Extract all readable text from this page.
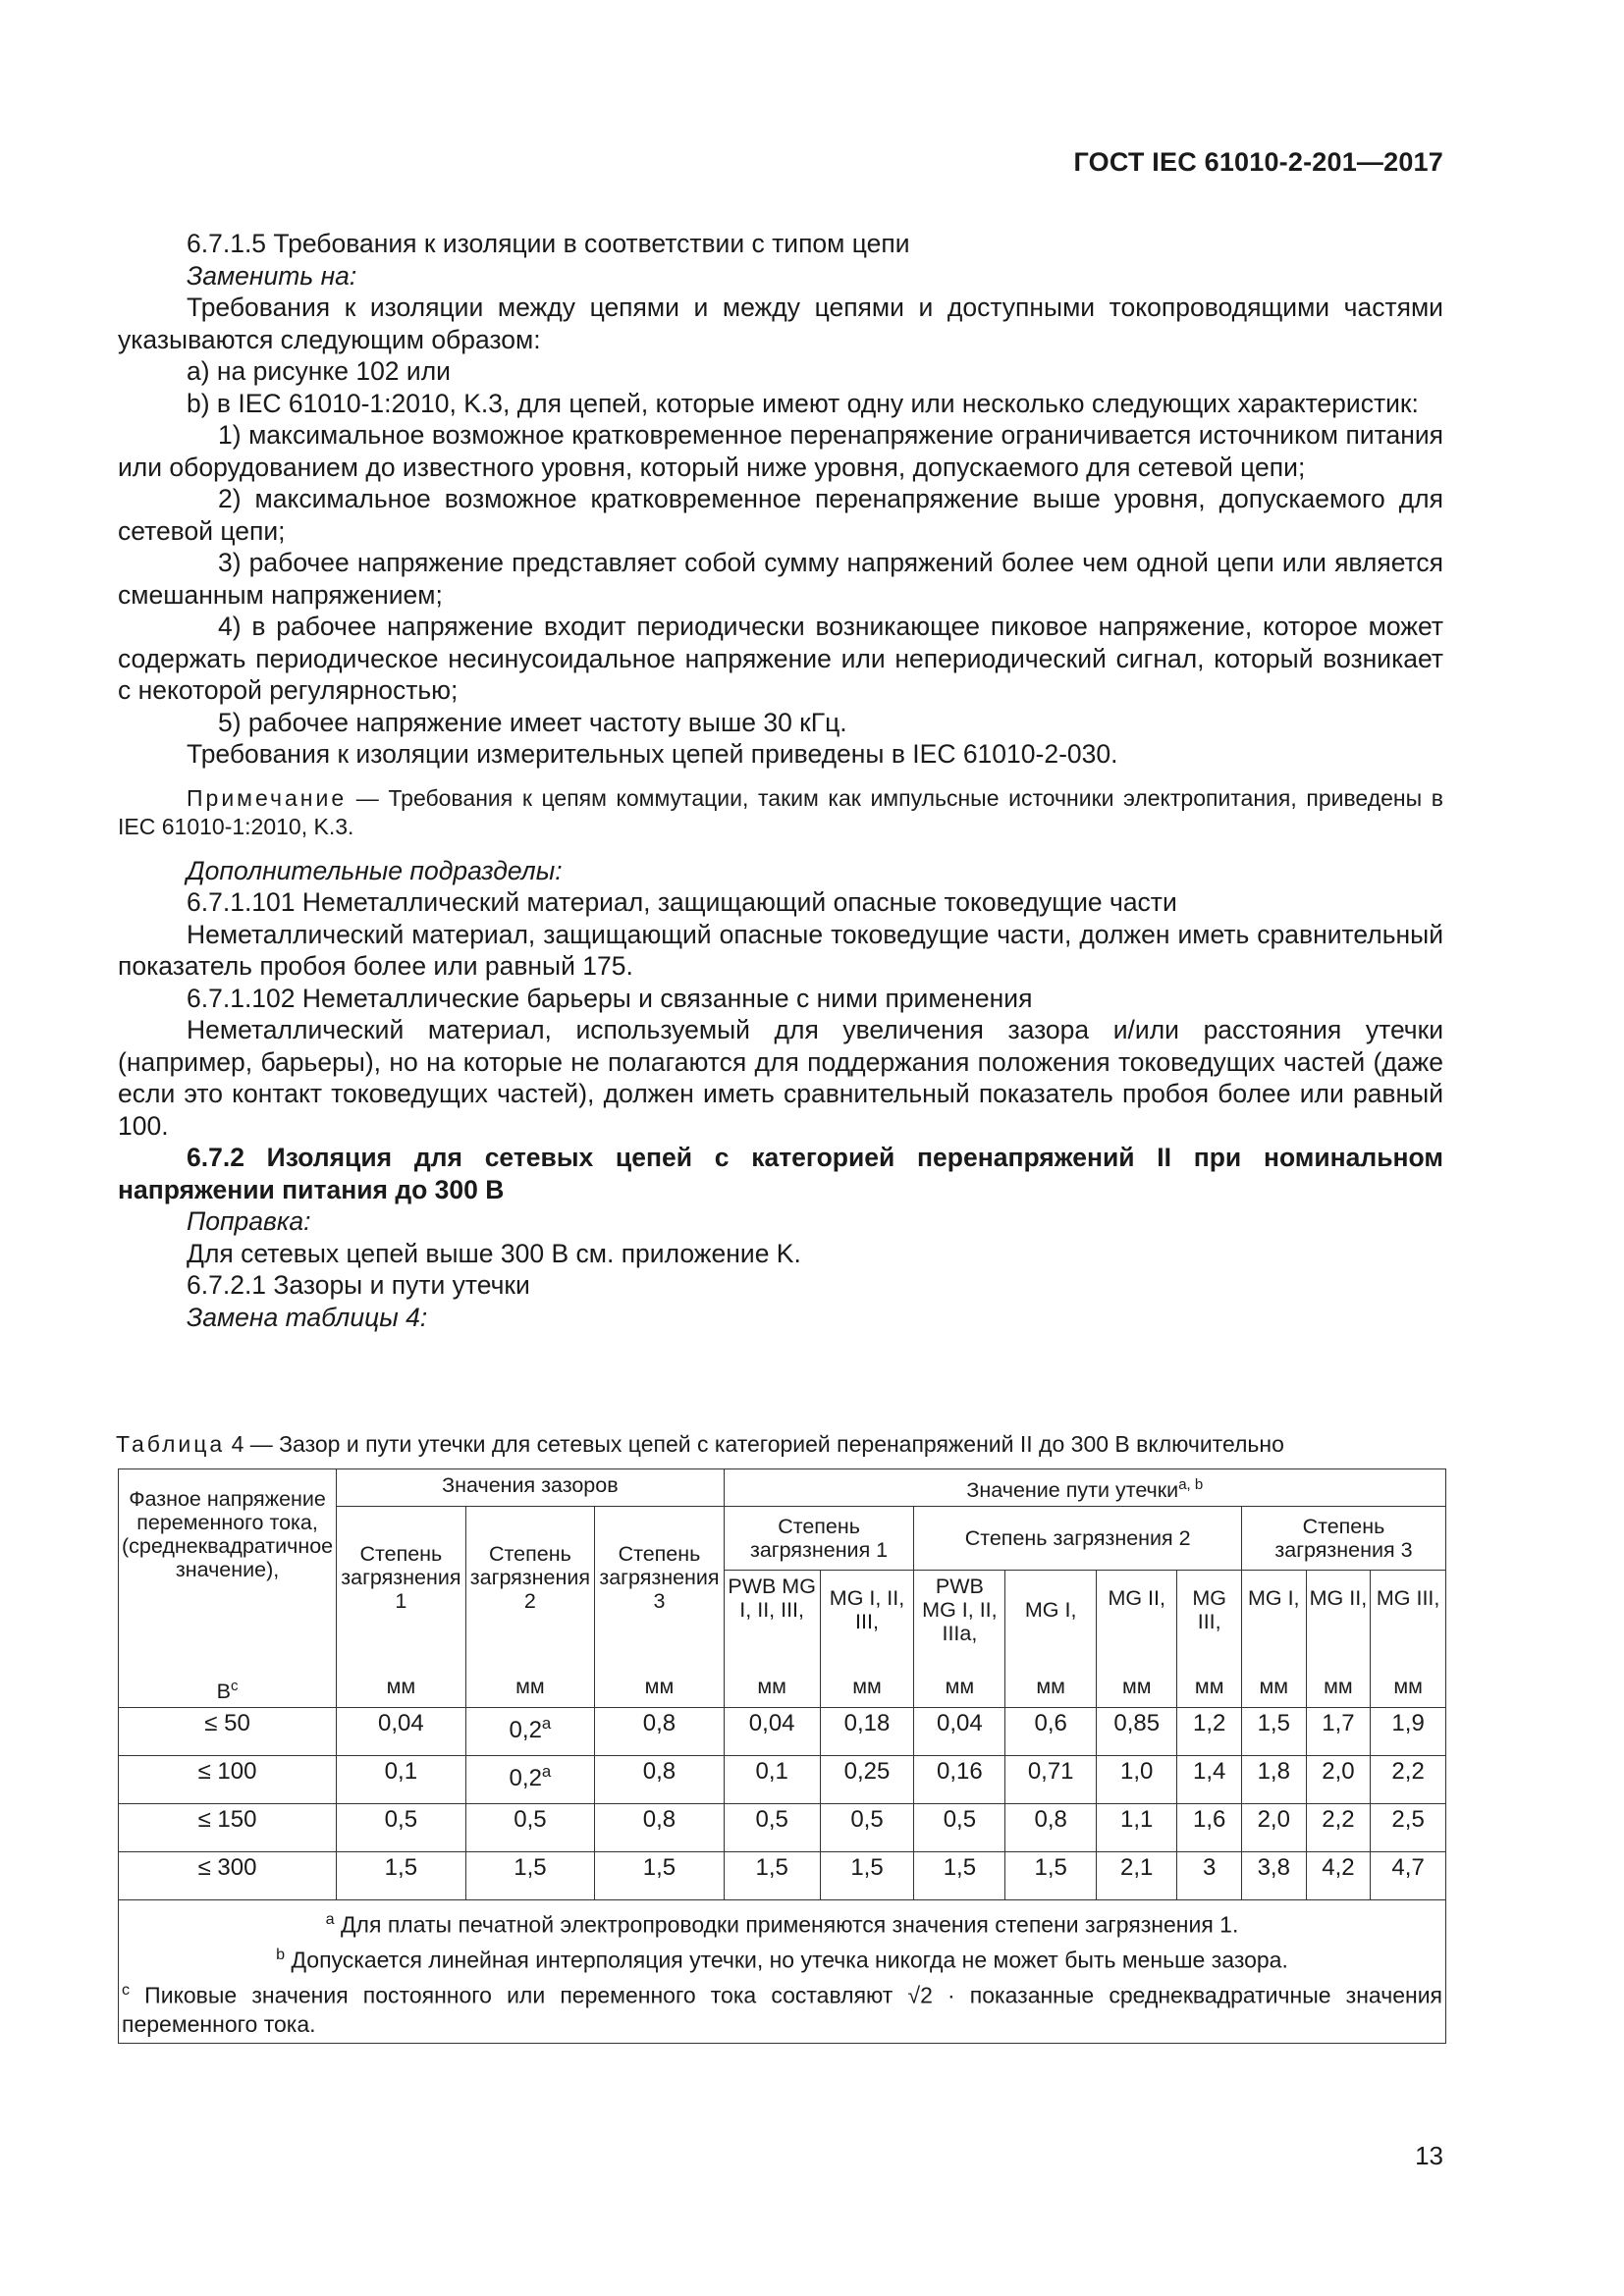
ГОСТ IEC 61010-2-201—2017

6.7.1.5 Требования к изоляции в соответствии с типом цепи

Заменить на:

Требования к изоляции между цепями и между цепями и доступными токопроводящими частями указываются следующим образом:

a) на рисунке 102 или

b) в IEC 61010-1:2010, K.3, для цепей, которые имеют одну или несколько следующих характеристик:

1) максимальное возможное кратковременное перенапряжение ограничивается источником питания или оборудованием до известного уровня, который ниже уровня, допускаемого для сетевой цепи;

2) максимальное возможное кратковременное перенапряжение выше уровня, допускаемого для сетевой цепи;

3) рабочее напряжение представляет собой сумму напряжений более чем одной цепи или является смешанным напряжением;

4) в рабочее напряжение входит периодически возникающее пиковое напряжение, которое может содержать периодическое несинусоидальное напряжение или непериодический сигнал, который возникает с некоторой регулярностью;

5) рабочее напряжение имеет частоту выше 30 кГц.

Требования к изоляции измерительных цепей приведены в IEC 61010-2-030.

Примечание — Требования к цепям коммутации, таким как импульсные источники электропитания, приведены в IEC 61010-1:2010, K.3.

Дополнительные подразделы:

6.7.1.101 Неметаллический материал, защищающий опасные токоведущие части

Неметаллический материал, защищающий опасные токоведущие части, должен иметь сравнительный показатель пробоя более или равный 175.

6.7.1.102 Неметаллические барьеры и связанные с ними применения

Неметаллический материал, используемый для увеличения зазора и/или расстояния утечки (например, барьеры), но на которые не полагаются для поддержания положения токоведущих частей (даже если это контакт токоведущих частей), должен иметь сравнительный показатель пробоя более или равный 100.

6.7.2 Изоляция для сетевых цепей с категорией перенапряжений II при номинальном напряжении питания до 300 В

Поправка:

Для сетевых цепей выше 300 В см. приложение K.

6.7.2.1 Зазоры и пути утечки

Замена таблицы 4:

Таблица 4 — Зазор и пути утечки для сетевых цепей с категорией перенапряжений II до 300 В включительно
Фазное напряжение переменного тока, (среднеквадратичное значение),	Значения зазоров			Значение пути утечки$^{a, b}$
	Степень загрязнения 1	Степень загрязнения 2	Степень загрязнения 3	Степень загрязнения 1		Степень загрязнения 2				Степень загрязнения 3		
				PWB MG I, II, III,	MG I, II, III,	PWB MG I, II, IIIa,	MG I,	MG II,	MG III,	MG I,	MG II,	MG III,
$В^c$	мм	мм	мм	мм	мм	мм	мм	мм	мм	мм	мм	мм
≤ 50	0,04	0,2$^a$	0,8	0,04	0,18	0,04	0,6	0,85	1,2	1,5	1,7	1,9
≤ 100	0,1	0,2$^a$	0,8	0,1	0,25	0,16	0,71	1,0	1,4	1,8	2,0	2,2
≤ 150	0,5	0,5	0,8	0,5	0,5	0,5	0,8	1,1	1,6	2,0	2,2	2,5
≤ 300	1,5	1,5	1,5	1,5	1,5	1,5	1,5	2,1	3	3,8	4,2	4,7

$^a$ Для платы печатной электропроводки применяются значения степени загрязнения 1.
$^b$ Допускается линейная интерполяция утечки, но утечка никогда не может быть меньше зазора.
$^c$ Пиковые значения постоянного или переменного тока составляют √2 · показанные среднеквадратичные значения переменного тока.												
13
